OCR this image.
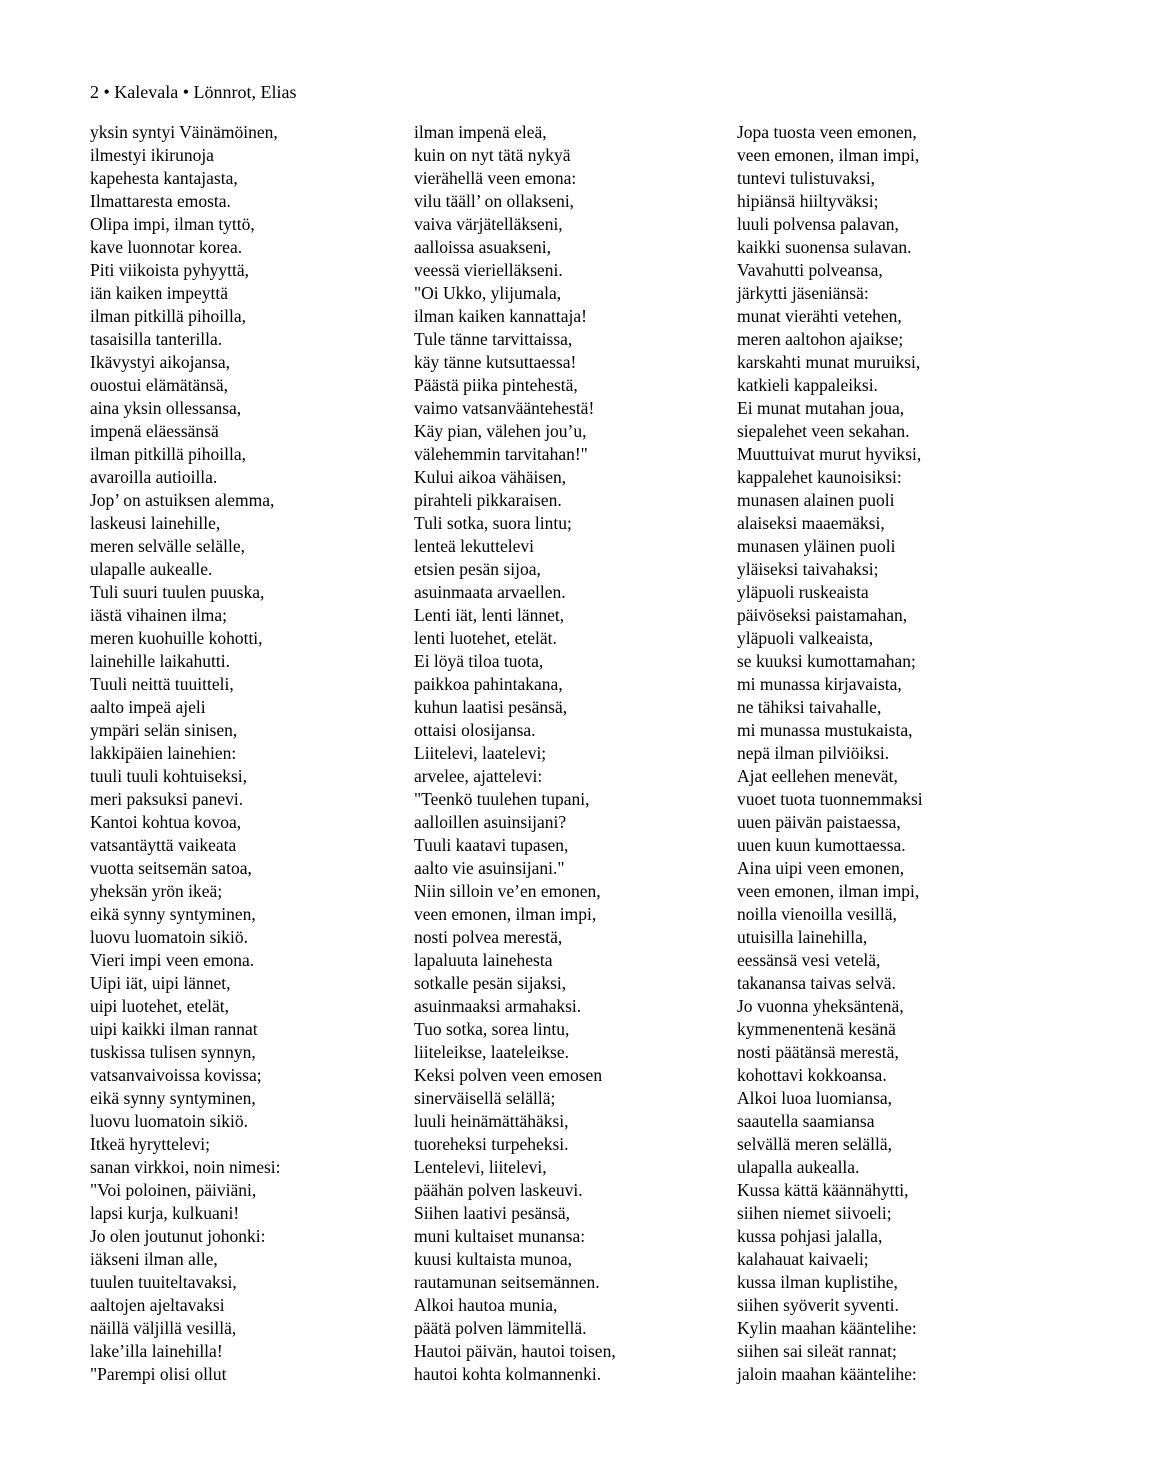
2 • Kalevala • Lönnrot, Elias
yksin syntyi Väinämöinen,
ilmestyi ikirunoja
kapehesta kantajasta,
Ilmattaresta emosta.
Olipa impi, ilman tyttö,
kave luonnotar korea.
Piti viikoista pyhyyttä,
iän kaiken impeyttä
ilman pitkillä pihoilla,
tasaisilla tanterilla.
Ikävystyi aikojansa,
ouostui elämätänsä,
aina yksin ollessansa,
impenä eläessänsä
ilman pitkillä pihoilla,
avaroilla autioilla.
Jop’ on astuiksen alemma,
laskeusi lainehille,
meren selvälle selälle,
ulapalle aukealle.
Tuli suuri tuulen puuska,
iästä vihainen ilma;
meren kuohuille kohotti,
lainehille laikahutti.
Tuuli neittä tuuitteli,
aalto impeä ajeli
ympäri selän sinisen,
lakkipäien lainehien:
tuuli tuuli kohtuiseksi,
meri paksuksi panevi.
Kantoi kohtua kovoa,
vatsantäyttä vaikeata
vuotta seitsemän satoa,
yheksän yrön ikeä;
eikä synny syntyminen,
luovu luomatoin sikiö.
Vieri impi veen emona.
Uipi iät, uipi lännet,
uipi luotehet, etelät,
uipi kaikki ilman rannat
tuskissa tulisen synnyn,
vatsanvaivoissa kovissa;
eikä synny syntyminen,
luovu luomatoin sikiö.
Itkeä hyryttelevi;
sanan virkkoi, noin nimesi:
"Voi poloinen, päiviäni,
lapsi kurja, kulkuani!
Jo olen joutunut johonki:
iäkseni ilman alle,
tuulen tuuiteltavaksi,
aaltojen ajeltavaksi
näillä väljillä vesillä,
lake’illa lainehilla!
"Parempi olisi ollut
ilman impenä eleä,
kuin on nyt tätä nykyä
vierähellä veen emona:
vilu tääll’ on ollakseni,
vaiva värjätelläkseni,
aalloissa asuakseni,
veessä vierielläkseni.
"Oi Ukko, ylijumala,
ilman kaiken kannattaja!
Tule tänne tarvittaissa,
käy tänne kutsuttaessa!
Päästä piika pintehestä,
vaimo vatsanvääntehestä!
Käy pian, välehen jou’u,
välehemmin tarvitahan!"
Kului aikoa vähäisen,
pirahteli pikkaraisen.
Tuli sotka, suora lintu;
lenteä lekuttelevi
etsien pesän sijoa,
asuinmaata arvaellen.
Lenti iät, lenti lännet,
lenti luotehet, etelät.
Ei löyä tiloa tuota,
paikkoa pahintakana,
kuhun laatisi pesänsä,
ottaisi olosijansa.
Liitelevi, laatelevi;
arvelee, ajattelevi:
"Teenkö tuulehen tupani,
aalloillen asuinsijani?
Tuuli kaatavi tupasen,
aalto vie asuinsijani."
Niin silloin ve’en emonen,
veen emonen, ilman impi,
nosti polvea merestä,
lapaluuta lainehesta
sotkalle pesän sijaksi,
asuinmaaksi armahaksi.
Tuo sotka, sorea lintu,
liiteleikse, laateleikse.
Keksi polven veen emosen
sinerväisellä selällä;
luuli heinämättähäksi,
tuoreheksi turpeheksi.
Lentelevi, liitelevi,
päähän polven laskeuvi.
Siihen laativi pesänsä,
muni kultaiset munansa:
kuusi kultaista munoa,
rautamunan seitsemännen.
Alkoi hautoa munia,
päätä polven lämmitellä.
Hautoi päivän, hautoi toisen,
hautoi kohta kolmannenki.
Jopa tuosta veen emonen,
veen emonen, ilman impi,
tuntevi tulistuvaksi,
hipiänsä hiiltyväksi;
luuli polvensa palavan,
kaikki suonensa sulavan.
Vavahutti polveansa,
järkytti jäseniänsä:
munat vierähti vetehen,
meren aaltohon ajaikse;
karskahti munat muruiksi,
katkieli kappaleiksi.
Ei munat mutahan joua,
siepalehet veen sekahan.
Muuttuivat murut hyviksi,
kappalehet kaunoisiksi:
munasen alainen puoli
alaiseksi maaemäksi,
munasen yläinen puoli
yläiseksi taivahaksi;
yläpuoli ruskeaista
päivöseksi paistamahan,
yläpuoli valkeaista,
se kuuksi kumottamahan;
mi munassa kirjavaista,
ne tähiksi taivahalle,
mi munassa mustukaista,
nepä ilman pilviöiksi.
Ajat eellehen menevät,
vuoet tuota tuonnemmaksi
uuen päivän paistaessa,
uuen kuun kumottaessa.
Aina uipi veen emonen,
veen emonen, ilman impi,
noilla vienoilla vesillä,
utuisilla lainehilla,
eessänsä vesi vetelä,
takanansa taivas selvä.
Jo vuonna yheksäntenä,
kymmenentenä kesänä
nosti päätänsä merestä,
kohottavi kokkoansa.
Alkoi luoa luomiansa,
saautella saamiansa
selvällä meren selällä,
ulapalla aukealla.
Kussa kättä käännähytti,
siihen niemet siivoeli;
kussa pohjasi jalalla,
kalahauat kaivaeli;
kussa ilman kuplistihe,
siihen syöverit syventi.
Kylin maahan kääntelihe:
siihen sai sileät rannat;
jaloin maahan kääntelihe:
